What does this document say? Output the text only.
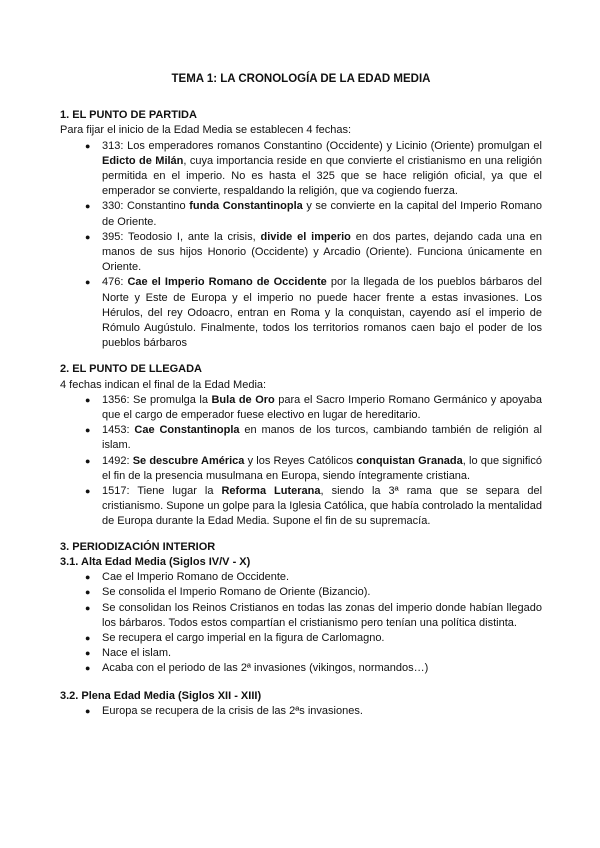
TEMA 1: LA CRONOLOGÍA DE LA EDAD MEDIA
1. EL PUNTO DE PARTIDA
Para fijar el inicio de la Edad Media se establecen 4 fechas:
● 313: Los emperadores romanos Constantino (Occidente) y Licinio (Oriente) promulgan el Edicto de Milán, cuya importancia reside en que convierte el cristianismo en una religión permitida en el imperio. No es hasta el 325 que se hace religión oficial, ya que el emperador se convierte, respaldando la religión, que va cogiendo fuerza.
● 330: Constantino funda Constantinopla y se convierte en la capital del Imperio Romano de Oriente.
● 395: Teodosio I, ante la crisis, divide el imperio en dos partes, dejando cada una en manos de sus hijos Honorio (Occidente) y Arcadio (Oriente). Funciona únicamente en Oriente.
● 476: Cae el Imperio Romano de Occidente por la llegada de los pueblos bárbaros del Norte y Este de Europa y el imperio no puede hacer frente a estas invasiones. Los Hérulos, del rey Odoacro, entran en Roma y la conquistan, cayendo así el imperio de Rómulo Augústulo. Finalmente, todos los territorios romanos caen bajo el poder de los pueblos bárbaros
2. EL PUNTO DE LLEGADA
4 fechas indican el final de la Edad Media:
● 1356: Se promulga la Bula de Oro para el Sacro Imperio Romano Germánico y apoyaba que el cargo de emperador fuese electivo en lugar de hereditario.
● 1453: Cae Constantinopla en manos de los turcos, cambiando también de religión al islam.
● 1492: Se descubre América y los Reyes Católicos conquistan Granada, lo que significó el fin de la presencia musulmana en Europa, siendo íntegramente cristiana.
● 1517: Tiene lugar la Reforma Luterana, siendo la 3ª rama que se separa del cristianismo. Supone un golpe para la Iglesia Católica, que había controlado la mentalidad de Europa durante la Edad Media. Supone el fin de su supremacía.
3. PERIODIZACIÓN INTERIOR
3.1. Alta Edad Media (Siglos IV/V - X)
● Cae el Imperio Romano de Occidente.
● Se consolida el Imperio Romano de Oriente (Bizancio).
● Se consolidan los Reinos Cristianos en todas las zonas del imperio donde habían llegado los bárbaros. Todos estos compartían el cristianismo pero tenían una política distinta.
● Se recupera el cargo imperial en la figura de Carlomagno.
● Nace el islam.
● Acaba con el periodo de las 2ª invasiones (vikingos, normandos…)
3.2. Plena Edad Media (Siglos XII - XIII)
● Europa se recupera de la crisis de las 2ªs invasiones.
